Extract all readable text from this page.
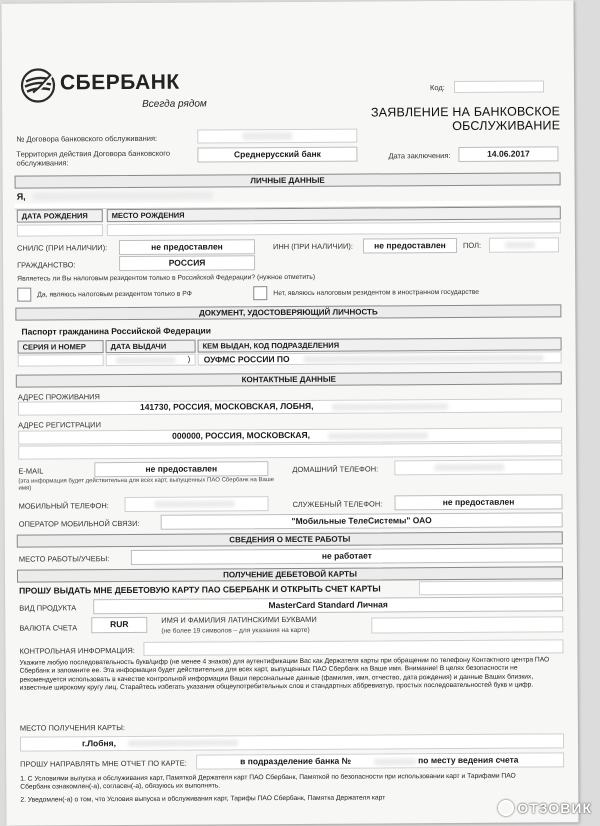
СБЕРБАНК
Всегда рядом
Код:
ЗАЯВЛЕНИЕ НА БАНКОВСКОЕ
ОБСЛУЖИВАНИЕ
№ Договора банковского обслуживания:
Территория действия Договора банковского
обслуживания:
Среднерусский банк	Дата заключения:	14.06.2017
ЛИЧНЫЕ ДАННЫЕ
Я,
ДАТА РОЖДЕНИЯ	МЕСТО РОЖДЕНИЯ
СНИЛС (ПРИ НАЛИЧИИ):	не предоставлен	ИНН (ПРИ НАЛИЧИИ):	не предоставлен	ПОЛ:
ГРАЖДАНСТВО:	РОССИЯ
Являетесь ли Вы налоговым резидентом только в Российской Федерации? (нужное отметить)
Да, являюсь налоговым резидентом только в РФ	Нет, являюсь налоговым резидентом в иностранном государстве
ДОКУМЕНТ, УДОСТОВЕРЯЮЩИЙ ЛИЧНОСТЬ
Паспорт гражданина Российской Федерации
СЕРИЯ И НОМЕР	ДАТА ВЫДАЧИ	КЕМ ВЫДАН, КОД ПОДРАЗДЕЛЕНИЯ
) ОУФМС РОССИИ ПО
КОНТАКТНЫЕ ДАННЫЕ
АДРЕС ПРОЖИВАНИЯ
141730, РОССИЯ, МОСКОВСКАЯ, ЛОБНЯ,
АДРЕС РЕГИСТРАЦИИ
000000, РОССИЯ, МОСКОВСКАЯ,
E-MAIL
(эта информация будет действительна для всех карт, выпущенных ПАО Сбербанк на Ваше имя)
не предоставлен	ДОМАШНИЙ ТЕЛЕФОН:
МОБИЛЬНЫЙ ТЕЛЕФОН:	СЛУЖЕБНЫЙ ТЕЛЕФОН:	не предоставлен
ОПЕРАТОР МОБИЛЬНОЙ СВЯЗИ:	"Мобильные ТелеСистемы" ОАО
СВЕДЕНИЯ О МЕСТЕ РАБОТЫ
МЕСТО РАБОТЫ/УЧЕБЫ:	не работает
ПОЛУЧЕНИЕ ДЕБЕТОВОЙ КАРТЫ
ПРОШУ ВЫДАТЬ МНЕ ДЕБЕТОВУЮ КАРТУ ПАО СБЕРБАНК И ОТКРЫТЬ СЧЕТ КАРТЫ
ВИД ПРОДУКТА	MasterCard Standard Личная
ВАЛЮТА СЧЕТА	RUR	ИМЯ И ФАМИЛИЯ ЛАТИНСКИМИ БУКВАМИ
(не более 19 символов – для указания на карте)
КОНТРОЛЬНАЯ ИНФОРМАЦИЯ:
Укажите любую последовательность букв/цифр (не менее 4 знаков) для аутентификации Вас как Держателя карты при обращении по телефону Контактного центра ПАО Сбербанк и запомните ее. Эта информация будет действительна для всех карт, выпущенных ПАО Сбербанк на Ваше имя. Внимание! В целях безопасности не рекомендуется использовать в качестве контрольной информации Ваши персональные данные (фамилия, имя, отчество, дата рождения) и данные Ваших близких, известные широкому кругу лиц. Старайтесь избегать указания общеупотребительных слов и стандартных аббревиатур, простых последовательностей букв и цифр.
МЕСТО ПОЛУЧЕНИЯ КАРТЫ:
г.Лобня,
ПРОШУ НАПРАВЛЯТЬ МНЕ ОТЧЕТ ПО КАРТЕ:	в подразделение банка №	по месту ведения счета
1. С Условиями выпуска и обслуживания карт, Памяткой Держателя карт ПАО Сбербанк, Памяткой по безопасности при использовании карт и Тарифами ПАО Сбербанк ознакомлен(-а), согласен(-а), обязуюсь их выполнять.
2. Уведомлен(-а) о том, что Условия выпуска и обслуживания карт, Тарифы ПАО Сбербанк, Памятка Держателя карт
ОТЗОВИК
